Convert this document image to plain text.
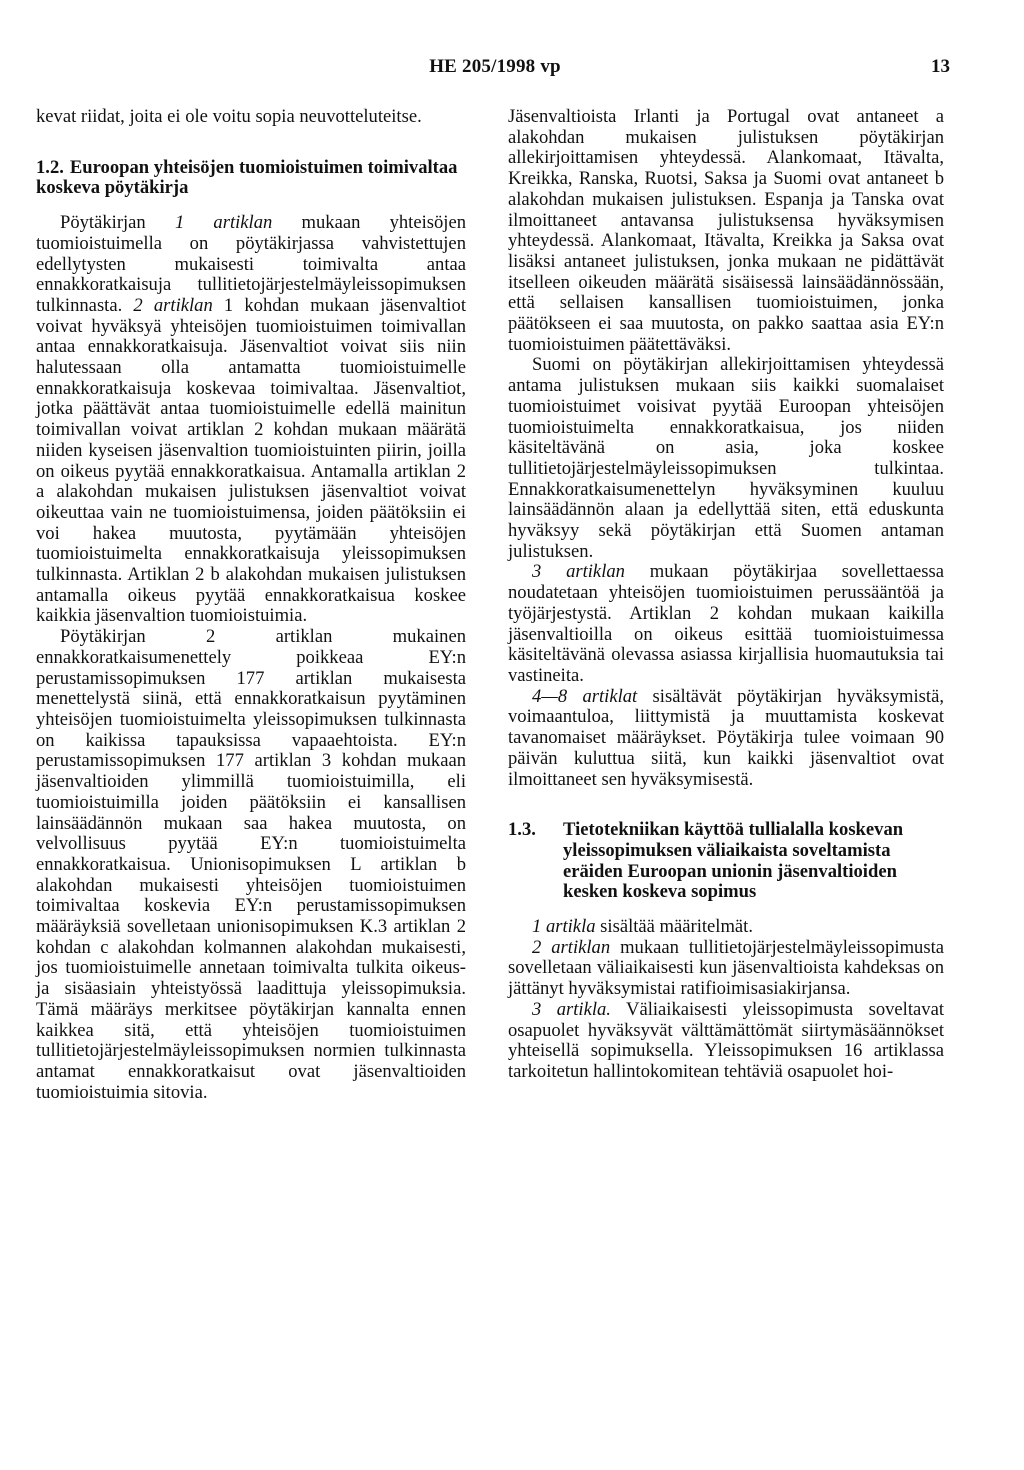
HE 205/1998 vp	13

kevat riidat, joita ei ole voitu sopia neuvotteluteitse.

1.2. Euroopan yhteisöjen tuomioistuimen toimivaltaa koskeva pöytäkirja

Pöytäkirjan 1 artiklan mukaan yhteisöjen tuomioistuimella on pöytäkirjassa vahvistettujen edellytysten mukaisesti toimivalta antaa ennakkoratkaisuja tullitietojärjestelmäyleissopimuksen tulkinnasta. 2 artiklan 1 kohdan mukaan jäsenvaltiot voivat hyväksyä yhteisöjen tuomioistuimen toimivallan antaa ennakkoratkaisuja. Jäsenvaltiot voivat siis niin halutessaan olla antamatta tuomioistuimelle ennakkoratkaisuja koskevaa toimivaltaa. Jäsenvaltiot, jotka päättävät antaa tuomioistuimelle edellä mainitun toimivallan voivat artiklan 2 kohdan mukaan määrätä niiden kyseisen jäsenvaltion tuomioistuinten piirin, joilla on oikeus pyytää ennakkoratkaisua. Antamalla artiklan 2 a alakohdan mukaisen julistuksen jäsenvaltiot voivat oikeuttaa vain ne tuomioistuimensa, joiden päätöksiin ei voi hakea muutosta, pyytämään yhteisöjen tuomioistuimelta ennakkoratkaisuja yleissopimuksen tulkinnasta. Artiklan 2 b alakohdan mukaisen julistuksen antamalla oikeus pyytää ennakkoratkaisua koskee kaikkia jäsenvaltion tuomioistuimia.

Pöytäkirjan 2 artiklan mukainen ennakkoratkaisumenettely poikkeaa EY:n perustamissopimuksen 177 artiklan mukaisesta menettelystä siinä, että ennakkoratkaisun pyytäminen yhteisöjen tuomioistuimelta yleissopimuksen tulkinnasta on kaikissa tapauksissa vapaaehtoista. EY:n perustamissopimuksen 177 artiklan 3 kohdan mukaan jäsenvaltioiden ylimmillä tuomioistuimilla, eli tuomioistuimilla joiden päätöksiin ei kansallisen lainsäädännön mukaan saa hakea muutosta, on velvollisuus pyytää EY:n tuomioistuimelta ennakkoratkaisua. Unionisopimuksen L artiklan b alakohdan mukaisesti yhteisöjen tuomioistuimen toimivaltaa koskevia EY:n perustamissopimuksen määräyksiä sovelletaan unionisopimuksen K.3 artiklan 2 kohdan c alakohdan kolmannen alakohdan mukaisesti, jos tuomioistuimelle annetaan toimivalta tulkita oikeus- ja sisäasiain yhteistyössä laadittuja yleissopimuksia. Tämä määräys merkitsee pöytäkirjan kannalta ennen kaikkea sitä, että yhteisöjen tuomioistuimen tullitietojärjestelmäyleissopimuksen normien tulkinnasta antamat ennakkoratkaisut ovat jäsenvaltioiden tuomioistuimia sitovia.

Jäsenvaltioista Irlanti ja Portugal ovat antaneet a alakohdan mukaisen julistuksen pöytäkirjan allekirjoittamisen yhteydessä. Alankomaat, Itävalta, Kreikka, Ranska, Ruotsi, Saksa ja Suomi ovat antaneet b alakohdan mukaisen julistuksen. Espanja ja Tanska ovat ilmoittaneet antavansa julistuksensa hyväksymisen yhteydessä. Alankomaat, Itävalta, Kreikka ja Saksa ovat lisäksi antaneet julistuksen, jonka mukaan ne pidättävät itselleen oikeuden määrätä sisäisessä lainsäädännössään, että sellaisen kansallisen tuomioistuimen, jonka päätökseen ei saa muutosta, on pakko saattaa asia EY:n tuomioistuimen päätettäväksi.

Suomi on pöytäkirjan allekirjoittamisen yhteydessä antama julistuksen mukaan siis kaikki suomalaiset tuomioistuimet voisivat pyytää Euroopan yhteisöjen tuomioistuimelta ennakkoratkaisua, jos niiden käsiteltävänä on asia, joka koskee tullitietojärjestelmäyleissopimuksen tulkintaa. Ennakkoratkaisumenettelyn hyväksyminen kuuluu lainsäädännön alaan ja edellyttää siten, että eduskunta hyväksyy sekä pöytäkirjan että Suomen antaman julistuksen.

3 artiklan mukaan pöytäkirjaa sovellettaessa noudatetaan yhteisöjen tuomioistuimen perussääntöä ja työjärjestystä. Artiklan 2 kohdan mukaan kaikilla jäsenvaltioilla on oikeus esittää tuomioistuimessa käsiteltävänä olevassa asiassa kirjallisia huomautuksia tai vastineita.

4—8 artiklat sisältävät pöytäkirjan hyväksymistä, voimaantuloa, liittymistä ja muuttamista koskevat tavanomaiset määräykset. Pöytäkirja tulee voimaan 90 päivän kuluttua siitä, kun kaikki jäsenvaltiot ovat ilmoittaneet sen hyväksymisestä.

1.3.	Tietotekniikan käyttöä tullialalla koskevan yleissopimuksen väliaikaista soveltamista eräiden Euroopan unionin jäsenvaltioiden kesken koskeva sopimus

1 artikla sisältää määritelmät.

2 artiklan mukaan tullitietojärjestelmäyleissopimusta sovelletaan väliaikaisesti kun jäsenvaltioista kahdeksas on jättänyt hyväksymistai ratifioimisasiakirjansa.

3 artikla. Väliaikaisesti yleissopimusta soveltavat osapuolet hyväksyvät välttämättömät siirtymäsäännökset yhteisellä sopimuksella. Yleissopimuksen 16 artiklassa tarkoitetun hallintokomitean tehtäviä osapuolet hoi-
